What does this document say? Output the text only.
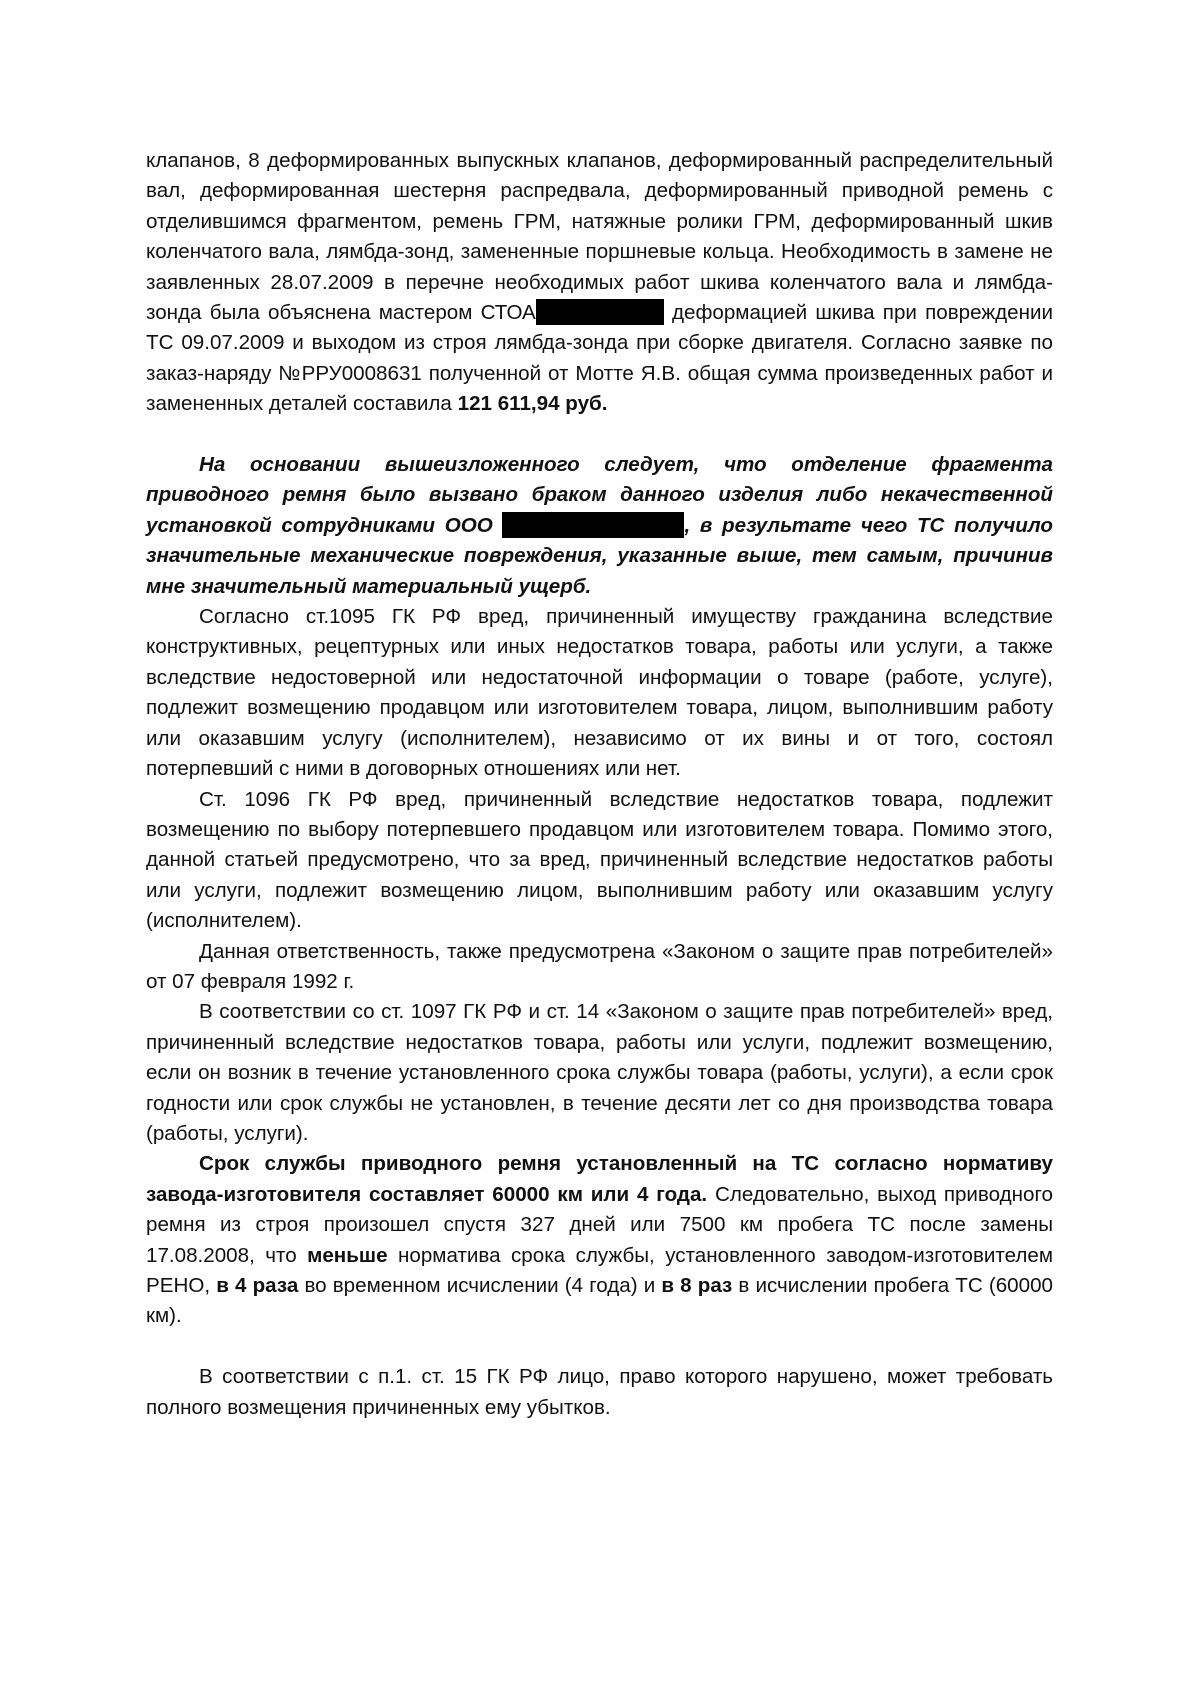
клапанов, 8 деформированных выпускных клапанов, деформированный распределительный вал, деформированная шестерня распредвала, деформированный приводной ремень с отделившимся фрагментом, ремень ГРМ, натяжные ролики ГРМ, деформированный шкив коленчатого вала, лямбда-зонд, замененные поршневые кольца. Необходимость в замене не заявленных 28.07.2009 в перечне необходимых работ шкива коленчатого вала и лямбда-зонда была объяснена мастером СТОА	деформацией шкива при повреждении ТС 09.07.2009 и выходом из строя лямбда-зонда при сборке двигателя. Согласно заявке по заказ-наряду №РРУ0008631 полученной от Мотте Я.В. общая сумма произведенных работ и замененных деталей составила 121 611,94 руб.

На основании вышеизложенного следует, что отделение фрагмента приводного ремня было вызвано браком данного изделия либо некачественной установкой сотрудниками ООО	, в результате чего ТС получило значительные механические повреждения, указанные выше, тем самым, причинив мне значительный материальный ущерб.

Согласно ст.1095 ГК РФ вред, причиненный имуществу гражданина вследствие конструктивных, рецептурных или иных недостатков товара, работы или услуги, а также вследствие недостоверной или недостаточной информации о товаре (работе, услуге), подлежит возмещению продавцом или изготовителем товара, лицом, выполнившим работу или оказавшим услугу (исполнителем), независимо от их вины и от того, состоял потерпевший с ними в договорных отношениях или нет.

Ст. 1096 ГК РФ вред, причиненный вследствие недостатков товара, подлежит возмещению по выбору потерпевшего продавцом или изготовителем товара. Помимо этого, данной статьей предусмотрено, что за вред, причиненный вследствие недостатков работы или услуги, подлежит возмещению лицом, выполнившим работу или оказавшим услугу (исполнителем).

Данная ответственность, также предусмотрена «Законом о защите прав потребителей» от 07 февраля 1992 г.

В соответствии со ст. 1097 ГК РФ и ст. 14 «Законом о защите прав потребителей» вред, причиненный вследствие недостатков товара, работы или услуги, подлежит возмещению, если он возник в течение установленного срока службы товара (работы, услуги), а если срок годности или срок службы не установлен, в течение десяти лет со дня производства товара (работы, услуги).

Срок службы приводного ремня установленный на ТС согласно нормативу завода-изготовителя составляет 60000 км или 4 года. Следовательно, выход приводного ремня из строя произошел спустя 327 дней или 7500 км пробега ТС после замены 17.08.2008, что меньше норматива срока службы, установленного заводом-изготовителем РЕНО, в 4 раза во временном исчислении (4 года) и в 8 раз в исчислении пробега ТС (60000 км).

В соответствии с п.1. ст. 15 ГК РФ лицо, право которого нарушено, может требовать полного возмещения причиненных ему убытков.
